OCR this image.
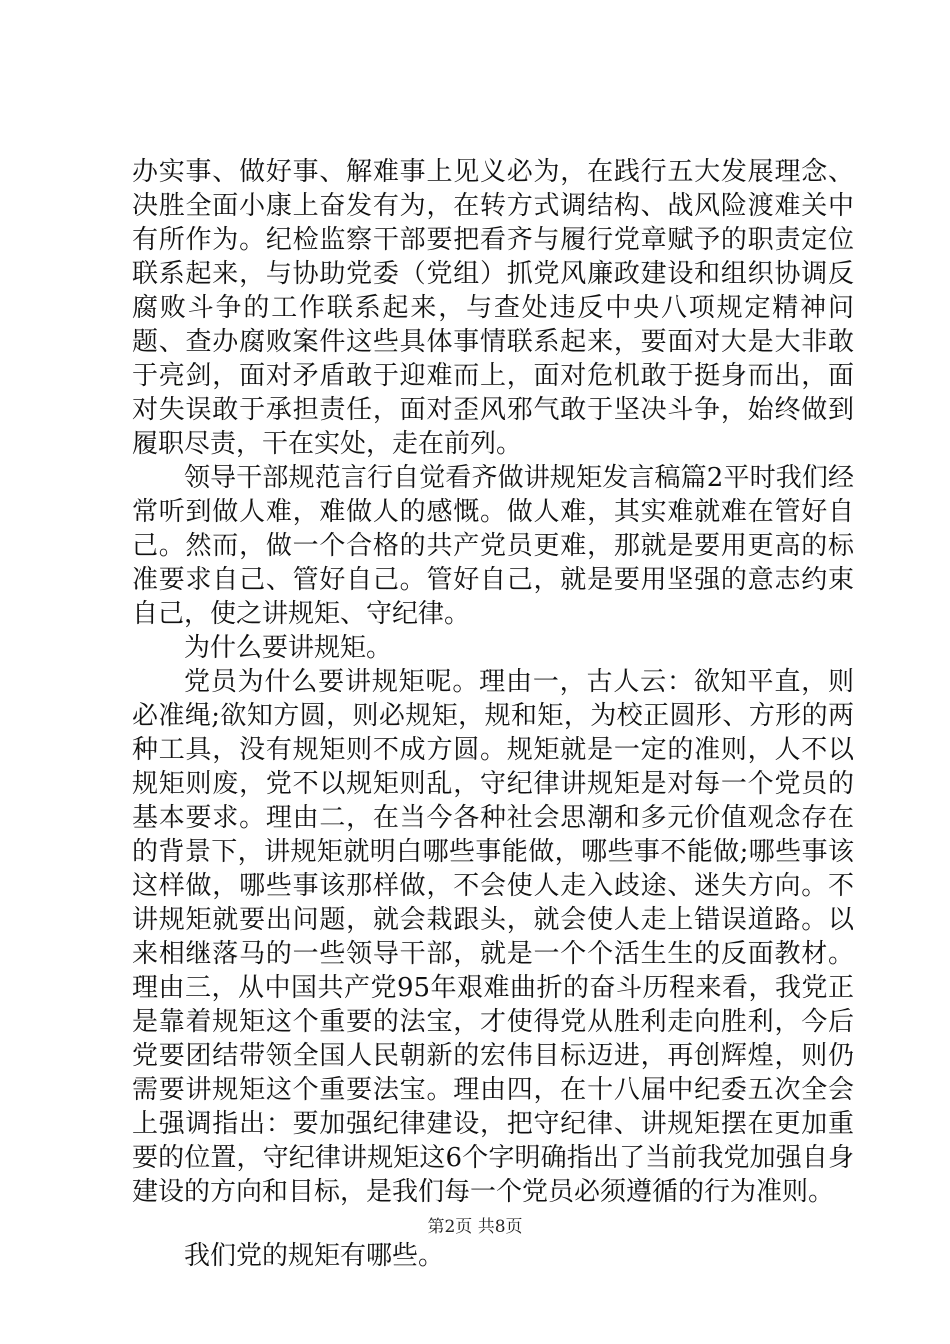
办实事、做好事、解难事上见义必为，在践行五大发展理念、决胜全面小康上奋发有为，在转方式调结构、战风险渡难关中有所作为。纪检监察干部要把看齐与履行党章赋予的职责定位联系起来，与协助党委（党组）抓党风廉政建设和组织协调反腐败斗争的工作联系起来，与查处违反中央八项规定精神问题、查办腐败案件这些具体事情联系起来，要面对大是大非敢于亮剑，面对矛盾敢于迎难而上，面对危机敢于挺身而出，面对失误敢于承担责任，面对歪风邪气敢于坚决斗争，始终做到履职尽责，干在实处，走在前列。

领导干部规范言行自觉看齐做讲规矩发言稿篇2平时我们经常听到做人难，难做人的感慨。做人难，其实难就难在管好自己。然而，做一个合格的共产党员更难，那就是要用更高的标准要求自己、管好自己。管好自己，就是要用坚强的意志约束自己，使之讲规矩、守纪律。

为什么要讲规矩。

党员为什么要讲规矩呢。理由一，古人云：欲知平直，则必准绳;欲知方圆，则必规矩，规和矩，为校正圆形、方形的两种工具，没有规矩则不成方圆。规矩就是一定的准则，人不以规矩则废，党不以规矩则乱，守纪律讲规矩是对每一个党员的基本要求。理由二，在当今各种社会思潮和多元价值观念存在的背景下，讲规矩就明白哪些事能做，哪些事不能做;哪些事该这样做，哪些事该那样做，不会使人走入歧途、迷失方向。不讲规矩就要出问题，就会栽跟头，就会使人走上错误道路。以来相继落马的一些领导干部，就是一个个活生生的反面教材。理由三，从中国共产党95年艰难曲折的奋斗历程来看，我党正是靠着规矩这个重要的法宝，才使得党从胜利走向胜利，今后党要团结带领全国人民朝新的宏伟目标迈进，再创辉煌，则仍需要讲规矩这个重要法宝。理由四，在十八届中纪委五次全会上强调指出：要加强纪律建设，把守纪律、讲规矩摆在更加重要的位置，守纪律讲规矩这6个字明确指出了当前我党加强自身建设的方向和目标，是我们每一个党员必须遵循的行为准则。

我们党的规矩有哪些。

第2页 共8页
